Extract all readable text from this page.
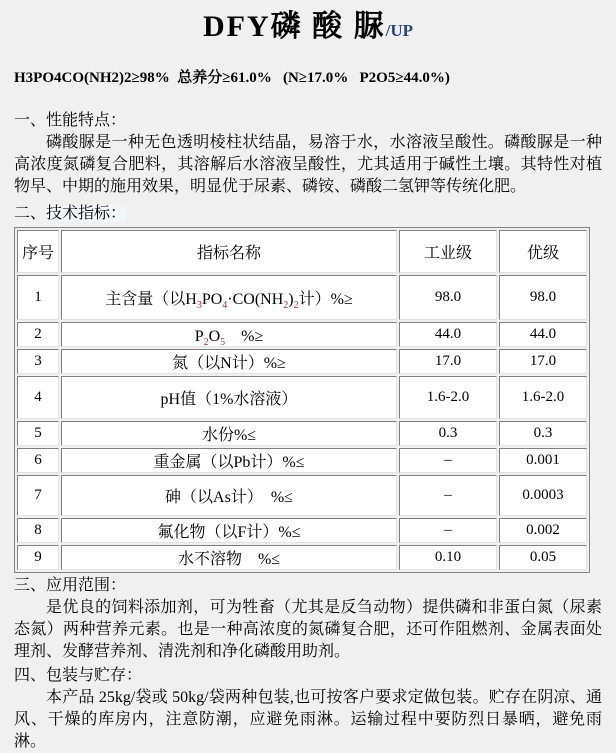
DFY磷 酸 脲/UP

H3PO4CO(NH2)2≥98%  总养分≥61.0%   (N≥17.0%   P2O5≥44.0%)

一、性能特点：

磷酸脲是一种无色透明棱柱状结晶，易溶于水，水溶液呈酸性。磷酸脲是一种高浓度氮磷复合肥料，其溶解后水溶液呈酸性，尤其适用于碱性土壤。其特性对植物早、中期的施用效果，明显优于尿素、磷铵、磷酸二氢钾等传统化肥。

二、技术指标：

序号	指标名称	工业级	优级
1	主含量（以$H_3PO_4\cdot CO(NH_2)_2$计）%≥	98.0	98.0
2	$P_2O_5$　%≥	44.0	44.0
3	氮（以N计）%≥	17.0	17.0
4	pH值（1%水溶液）	1.6-2.0	1.6-2.0
5	水份%≤	0.3	0.3
6	重金属（以Pb计）%≤	–	0.001
7	砷（以As计）　%≤	–	0.0003
8	氟化物（以F计）%≤	–	0.002
9	水不溶物　%≤	0.10	0.05

三、应用范围：

是优良的饲料添加剂，可为牲畜（尤其是反刍动物）提供磷和非蛋白氮（尿素态氮）两种营养元素。也是一种高浓度的氮磷复合肥，还可作阻燃剂、金属表面处理剂、发酵营养剂、清洗剂和净化磷酸用助剂。

四、包装与贮存：

本产品 25kg/袋或 50kg/袋两种包装,也可按客户要求定做包装。贮存在阴凉、通风、干燥的库房内，注意防潮，应避免雨淋。运输过程中要防烈日暴晒，避免雨淋。
